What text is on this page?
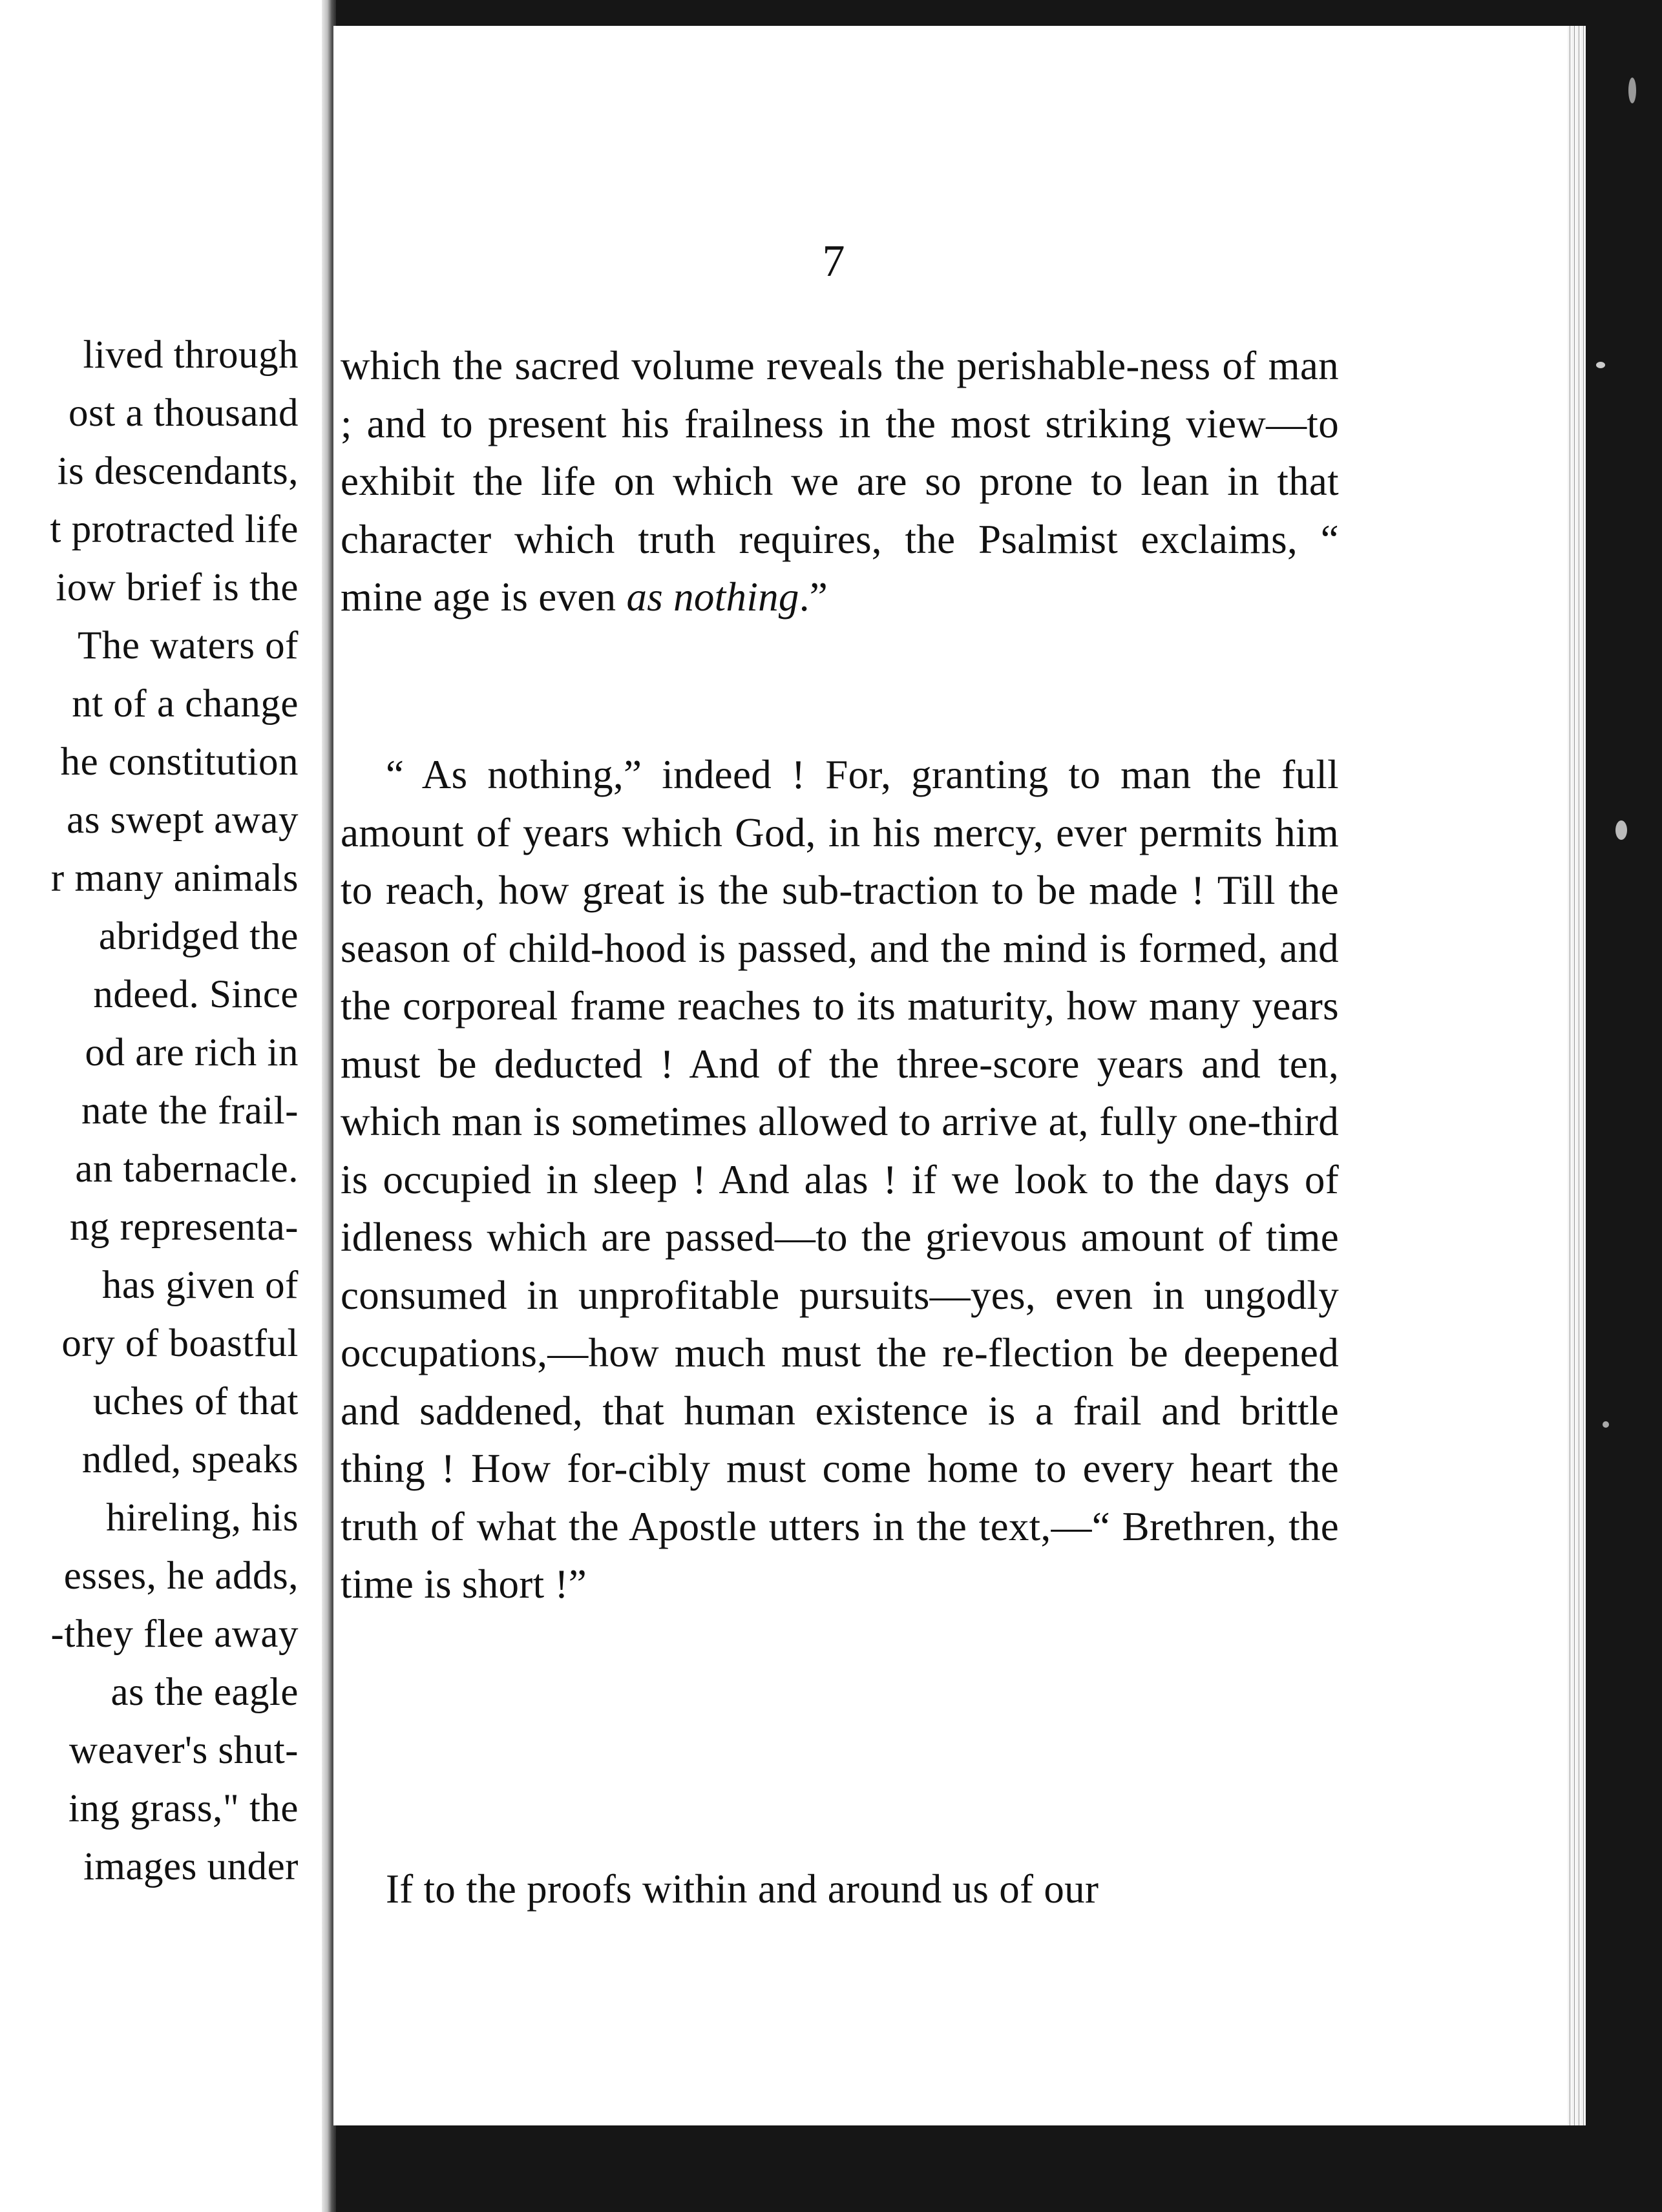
lived through
ost a thousand
is descendants,
t protracted life
iow brief is the
The waters of
nt of a change
he constitution
as swept away
r many animals
abridged the
ndeed. Since
od are rich in
nate the frail-
an tabernacle.
ng representa-
has given of
ory of boastful
uches of that
ndled, speaks
hireling, his
esses, he adds,
-they flee away
as the eagle
weaver's shut-
ing grass," the
images under
7

which the sacred volume reveals the perishable-ness of man ; and to present his frailness in the most striking view—to exhibit the life on which we are so prone to lean in that character which truth requires, the Psalmist exclaims, “ mine age is even as nothing.”

“ As nothing,” indeed ! For, granting to man the full amount of years which God, in his mercy, ever permits him to reach, how great is the sub-traction to be made ! Till the season of child-hood is passed, and the mind is formed, and the corporeal frame reaches to its maturity, how many years must be deducted ! And of the three-score years and ten, which man is sometimes allowed to arrive at, fully one-third is occupied in sleep ! And alas ! if we look to the days of idleness which are passed—to the grievous amount of time consumed in unprofitable pursuits—yes, even in ungodly occupations,—how much must the re-flection be deepened and saddened, that human existence is a frail and brittle thing ! How for-cibly must come home to every heart the truth of what the Apostle utters in the text,—“ Brethren, the time is short !”

If to the proofs within and around us of our
